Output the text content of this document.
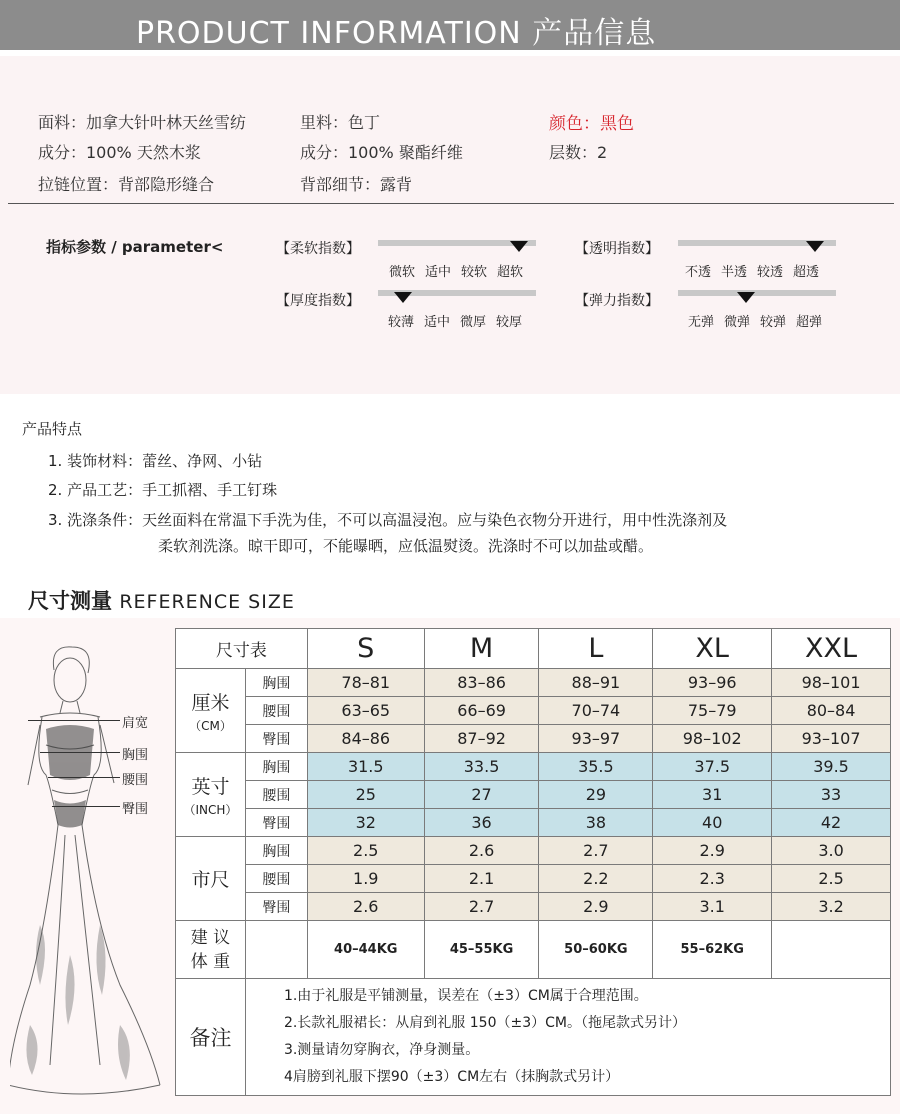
PRODUCT INFORMATION 产品信息
面料：加拿大针叶林天丝雪纺	里料：色丁	颜色：黑色
成分：100% 天然木浆	成分：100% 聚酯纤维	层数：2
拉链位置：背部隐形缝合	背部细节：露背
指标参数 / parameter<	【柔软指数】
微软 适中 较软 超软
【透明指数】
不透 半透 较透 超透
【厚度指数】
较薄 适中 微厚 较厚
【弹力指数】
无弹 微弹 较弹 超弹
产品特点
1. 装饰材料：蕾丝、净网、小钻
2. 产品工艺：手工抓褶、手工钉珠
3. 洗涤条件：天丝面料在常温下手洗为佳，不可以高温浸泡。应与染色衣物分开进行，用中性洗涤剂及
柔软剂洗涤。晾干即可，不能曝晒，应低温熨烫。洗涤时不可以加盐或醋。
尺寸测量 REFERENCE SIZE
肩宽
胸围
腰围
臀围
尺寸表		S	M	L	XL	XXL
厘米
（CM）	胸围	78–81	83–86	88–91	93–96	98–101
	腰围	63–65	66–69	70–74	75–79	80–84
	臀围	84–86	87–92	93–97	98–102	93–107
英寸
（INCH）	胸围	31.5	33.5	35.5	37.5	39.5
	腰围	25	27	29	31	33
	臀围	32	36	38	40	42
市尺	胸围	2.5	2.6	2.7	2.9	3.0
	腰围	1.9	2.1	2.2	2.3	2.5
	臀围	2.6	2.7	2.9	3.1	3.2

建 议
体 重		40–44KG	45–55KG	50–60KG	55–62KG	
备注	1.由于礼服是平铺测量，误差在（±3）CM属于合理范围。
2.长款礼服裙长：从肩到礼服 150（±3）CM。（拖尾款式另计）
3.测量请勿穿胸衣，净身测量。
4肩膀到礼服下摆90（±3）CM左右（抹胸款式另计）					
